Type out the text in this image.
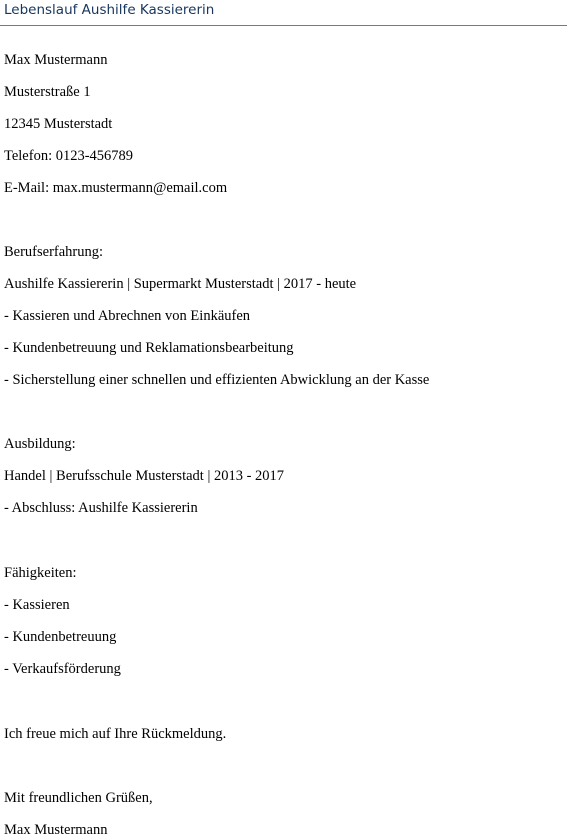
Lebenslauf Aushilfe Kassiererin
Max Mustermann
Musterstraße 1
12345 Musterstadt
Telefon: 0123-456789
E-Mail: max.mustermann@email.com
Berufserfahrung:
Aushilfe Kassiererin | Supermarkt Musterstadt | 2017 - heute
- Kassieren und Abrechnen von Einkäufen
- Kundenbetreuung und Reklamationsbearbeitung
- Sicherstellung einer schnellen und effizienten Abwicklung an der Kasse
Ausbildung:
Handel | Berufsschule Musterstadt | 2013 - 2017
- Abschluss: Aushilfe Kassiererin
Fähigkeiten:
- Kassieren
- Kundenbetreuung
- Verkaufsförderung
Ich freue mich auf Ihre Rückmeldung.
Mit freundlichen Grüßen,
Max Mustermann
